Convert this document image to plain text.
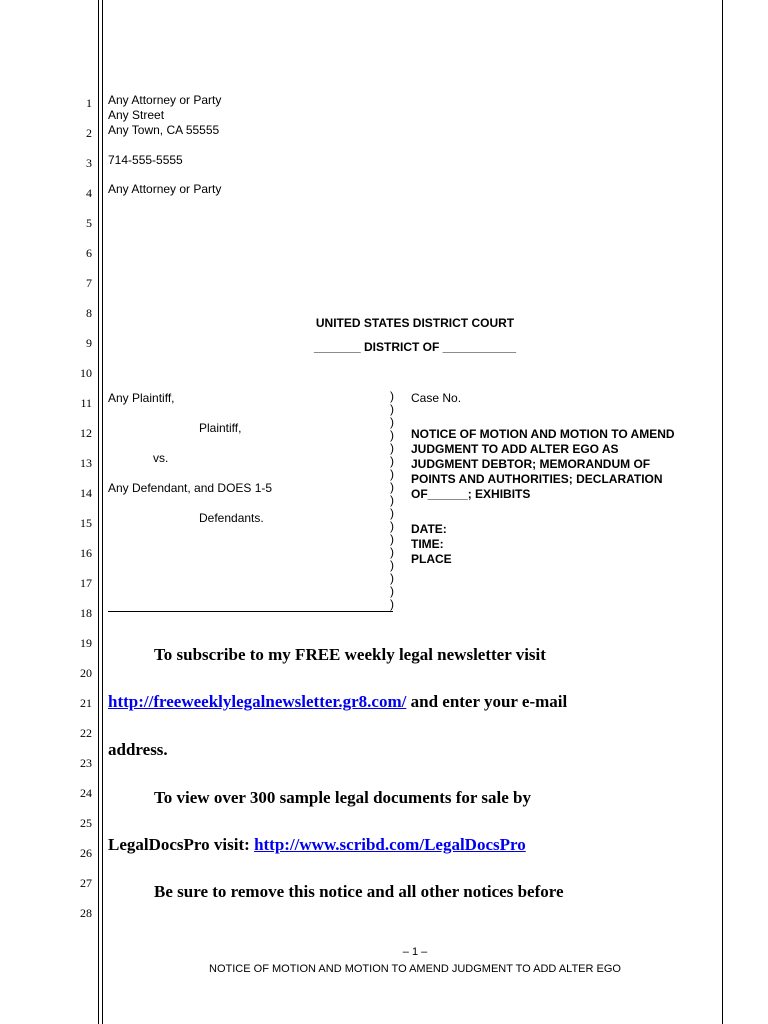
1
2
3
4
5
6
7
8
9
10
11
12
13
14
15
16
17
18
19
20
21
22
23
24
25
26
27
28
Any Attorney or Party
Any Street
Any Town, CA 55555
714-555-5555
Any Attorney or Party
UNITED STATES DISTRICT COURT
_______ DISTRICT OF ___________
Any Plaintiff,
Plaintiff,
vs.
Any Defendant, and DOES 1-5
Defendants.
)
)
)
)
)
)
)
)
)
)
)
)
)
)
)
)
)
Case No.
NOTICE OF MOTION AND MOTION TO AMEND
JUDGMENT TO ADD ALTER EGO AS
JUDGMENT DEBTOR; MEMORANDUM OF
POINTS AND AUTHORITIES; DECLARATION
OF______; EXHIBITS
DATE:
TIME:
PLACE
To subscribe to my FREE weekly legal newsletter visit
http://freeweeklylegalnewsletter.gr8.com/ and enter your e-mail
address.
To view over 300 sample legal documents for sale by
LegalDocsPro visit: http://www.scribd.com/LegalDocsPro
Be sure to remove this notice and all other notices before
– 1 –
NOTICE OF MOTION AND MOTION TO AMEND JUDGMENT TO ADD ALTER EGO
